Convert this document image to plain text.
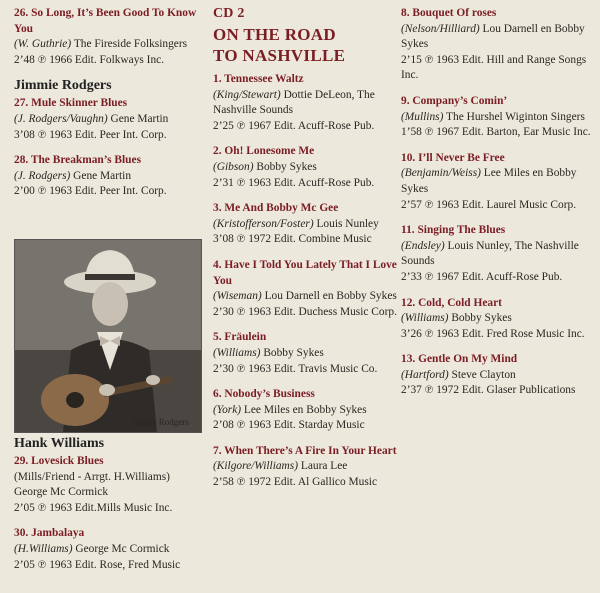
26. So Long, It’s Been Good To Know You
(W. Guthrie) The Fireside Folksingers
2’48 ℗ 1966 Edit. Folkways Inc.
Jimmie Rodgers
27. Mule Skinner Blues
(J. Rodgers/Vaughn) Gene Martin
3’08 ℗ 1963 Edit. Peer Int. Corp.
28. The Breakman’s Blues
(J. Rodgers) Gene Martin
2’00 ℗ 1963 Edit. Peer Int. Corp.
Jimmy Rodgers
Hank Williams
29. Lovesick Blues
(Mills/Friend - Arrgt. H.Williams)
George Mc Cormick
2’05 ℗ 1963 Edit.Mills Music Inc.
30. Jambalaya
(H.Williams) George Mc Cormick
2’05 ℗ 1963 Edit. Rose, Fred Music
CD 2
ON THE ROAD
TO NASHVILLE
1. Tennessee Waltz
(King/Stewart) Dottie DeLeon, The Nashville Sounds
2’25 ℗ 1967 Edit. Acuff-Rose Pub.
2. Oh! Lonesome Me
(Gibson) Bobby Sykes
2’31 ℗ 1963 Edit. Acuff-Rose Pub.
3. Me And Bobby Mc Gee
(Kristofferson/Foster) Louis Nunley
3’08 ℗ 1972 Edit. Combine Music
4. Have I Told You Lately That I Love You
(Wiseman) Lou Darnell en Bobby Sykes
2’30 ℗ 1963 Edit. Duchess Music Corp.
5. Fräulein
(Williams) Bobby Sykes
2’30 ℗ 1963 Edit. Travis Music Co.
6. Nobody’s Business
(York) Lee Miles en Bobby Sykes
2’08 ℗ 1963 Edit. Starday Music
7. When There’s A Fire In Your Heart
(Kilgore/Williams) Laura Lee
2’58 ℗ 1972 Edit. Al Gallico Music
8. Bouquet Of roses
(Nelson/Hilliard) Lou Darnell en Bobby Sykes
2’15 ℗ 1963 Edit. Hill and Range Songs Inc.
9. Company’s Comin’
(Mullins) The Hurshel Wiginton Singers
1’58 ℗ 1967 Edit. Barton, Ear Music Inc.
10. I’ll Never Be Free
(Benjamin/Weiss) Lee Miles en Bobby Sykes
2’57 ℗ 1963 Edit. Laurel Music Corp.
11. Singing The Blues
(Endsley) Louis Nunley, The Nashville Sounds
2’33 ℗ 1967 Edit. Acuff-Rose Pub.
12. Cold, Cold Heart
(Williams) Bobby Sykes
3’26 ℗ 1963 Edit. Fred Rose Music Inc.
13. Gentle On My Mind
(Hartford) Steve Clayton
2’37 ℗ 1972 Edit. Glaser Publications
